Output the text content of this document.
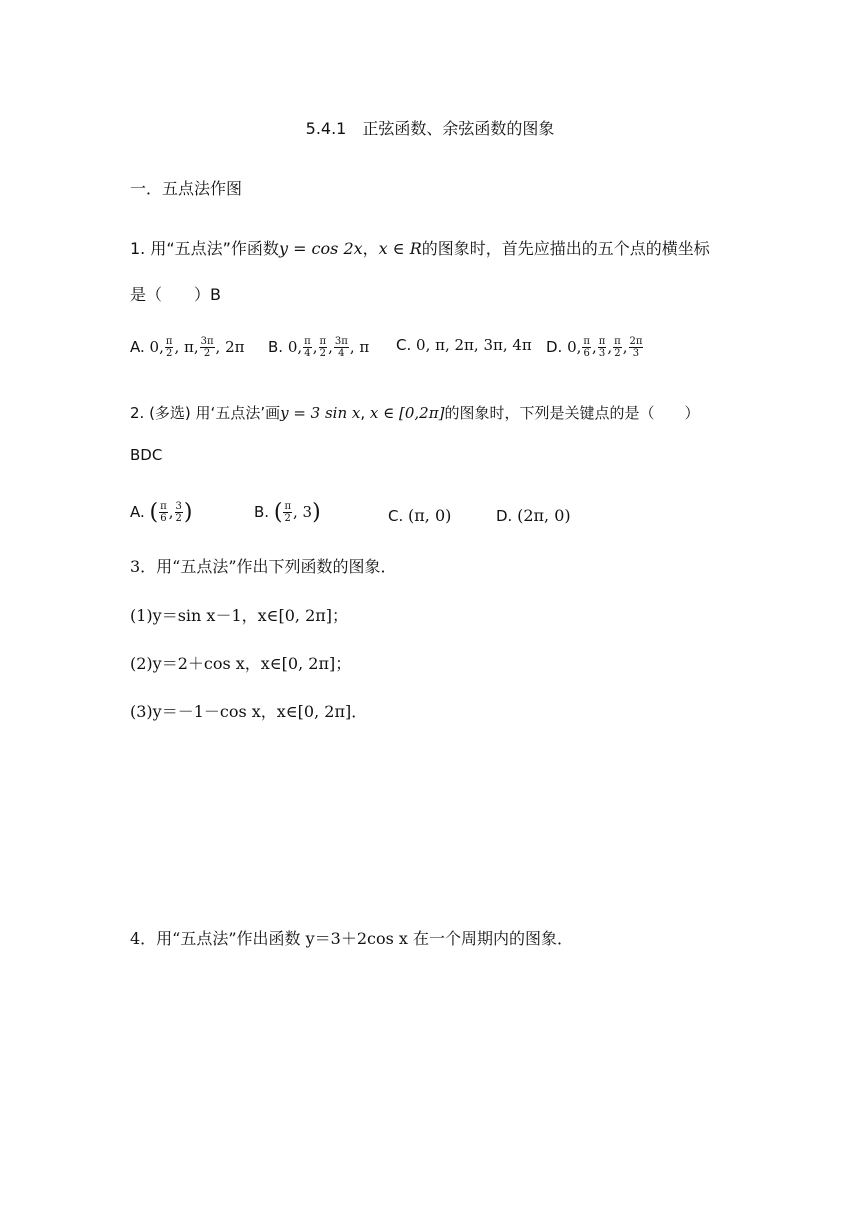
5.4.1　正弦函数、余弦函数的图象
一．五点法作图
1. 用“五点法”作函数y = cos 2x，x ∈ R的图象时，首先应描出的五个点的横坐标
是（　　）B
A. 0, $\frac{\pi}{2}$ , π, $\frac{3\pi}{2}$ , 2π B. 0, $\frac{\pi}{4}$ , $\frac{\pi}{2}$ , $\frac{3\pi}{4}$ , π C. 0, π, 2π, 3π, 4π D. 0, $\frac{\pi}{6}$ , $\frac{\pi}{3}$ , $\frac{\pi}{2}$ , $\frac{2\pi}{3}$
2. (多选) 用‘五点法’画y = 3 sin x, x ∈ [0,2π]的图象时，下列是关键点的是（　　）
BDC
A. ( $\frac{\pi}{6}$ , $\frac{3}{2}$ )	B. ( $\frac{\pi}{2}$ , 3)	C. (π, 0)	D. (2π, 0)
3．用“五点法”作出下列函数的图象．
(1)y＝sin x－1，x∈[0, 2π]；
(2)y＝2＋cos x，x∈[0, 2π]；
(3)y＝－1－cos x，x∈[0, 2π]．
4．用“五点法”作出函数 y＝3＋2cos x 在一个周期内的图象．
